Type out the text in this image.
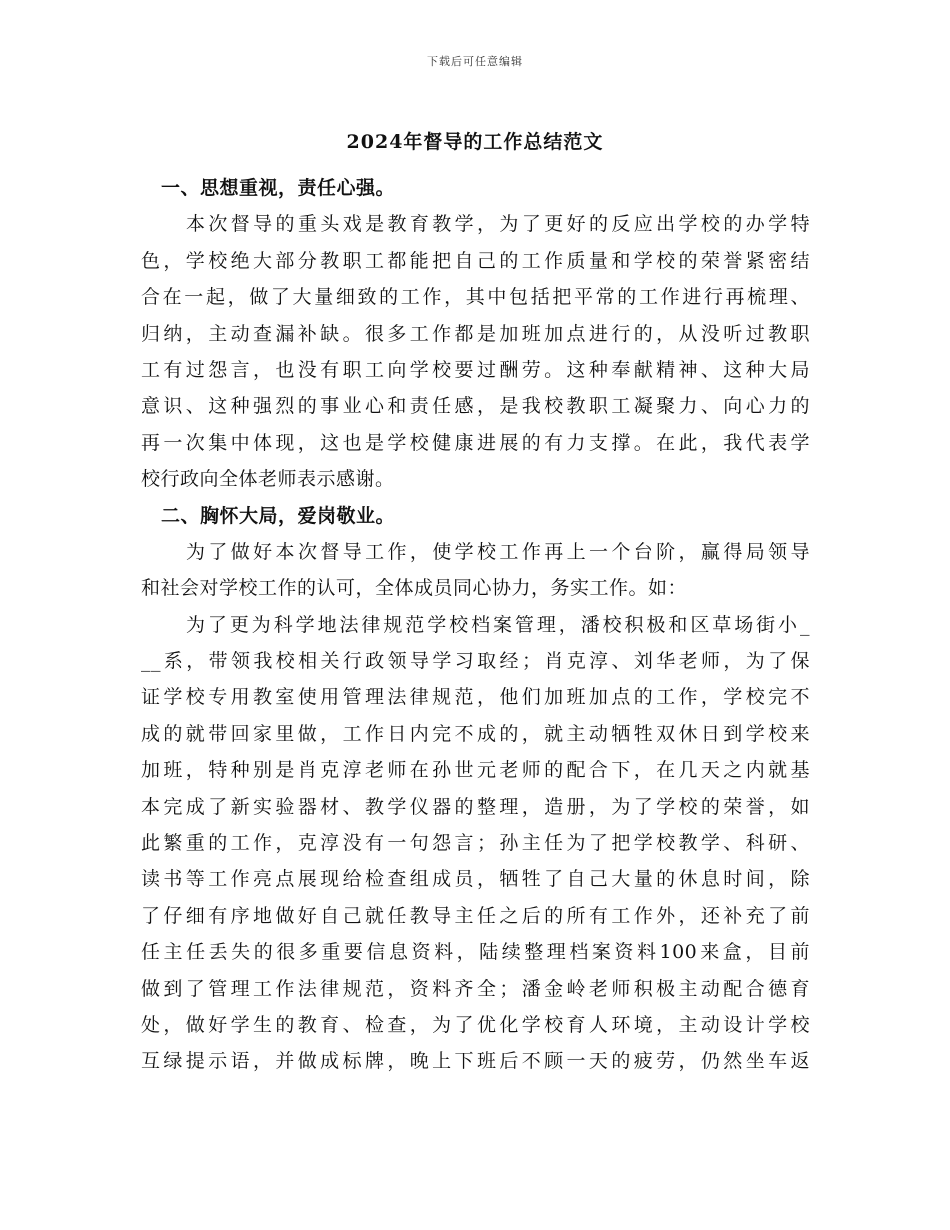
下载后可任意编辑
2024年督导的工作总结范文
一、思想重视，责任心强。
本次督导的重头戏是教育教学，为了更好的反应出学校的办学特
色，学校绝大部分教职工都能把自己的工作质量和学校的荣誉紧密结
合在一起，做了大量细致的工作，其中包括把平常的工作进行再梳理、
归纳，主动查漏补缺。很多工作都是加班加点进行的，从没听过教职
工有过怨言，也没有职工向学校要过酬劳。这种奉献精神、这种大局
意识、这种强烈的事业心和责任感，是我校教职工凝聚力、向心力的
再一次集中体现，这也是学校健康进展的有力支撑。在此，我代表学
校行政向全体老师表示感谢。
二、胸怀大局，爱岗敬业。
为了做好本次督导工作，使学校工作再上一个台阶，赢得局领导
和社会对学校工作的认可，全体成员同心协力，务实工作。如：
为了更为科学地法律规范学校档案管理，潘校积极和区草场街小_
__系，带领我校相关行政领导学习取经；肖克淳、刘华老师，为了保
证学校专用教室使用管理法律规范，他们加班加点的工作，学校完不
成的就带回家里做，工作日内完不成的，就主动牺牲双休日到学校来
加班，特种别是肖克淳老师在孙世元老师的配合下，在几天之内就基
本完成了新实验器材、教学仪器的整理，造册，为了学校的荣誉，如
此繁重的工作，克淳没有一句怨言；孙主任为了把学校教学、科研、
读书等工作亮点展现给检查组成员，牺牲了自己大量的休息时间，除
了仔细有序地做好自己就任教导主任之后的所有工作外，还补充了前
任主任丢失的很多重要信息资料，陆续整理档案资料100来盒，目前
做到了管理工作法律规范，资料齐全；潘金岭老师积极主动配合德育
处，做好学生的教育、检查，为了优化学校育人环境，主动设计学校
互绿提示语，并做成标牌，晚上下班后不顾一天的疲劳，仍然坐车返
